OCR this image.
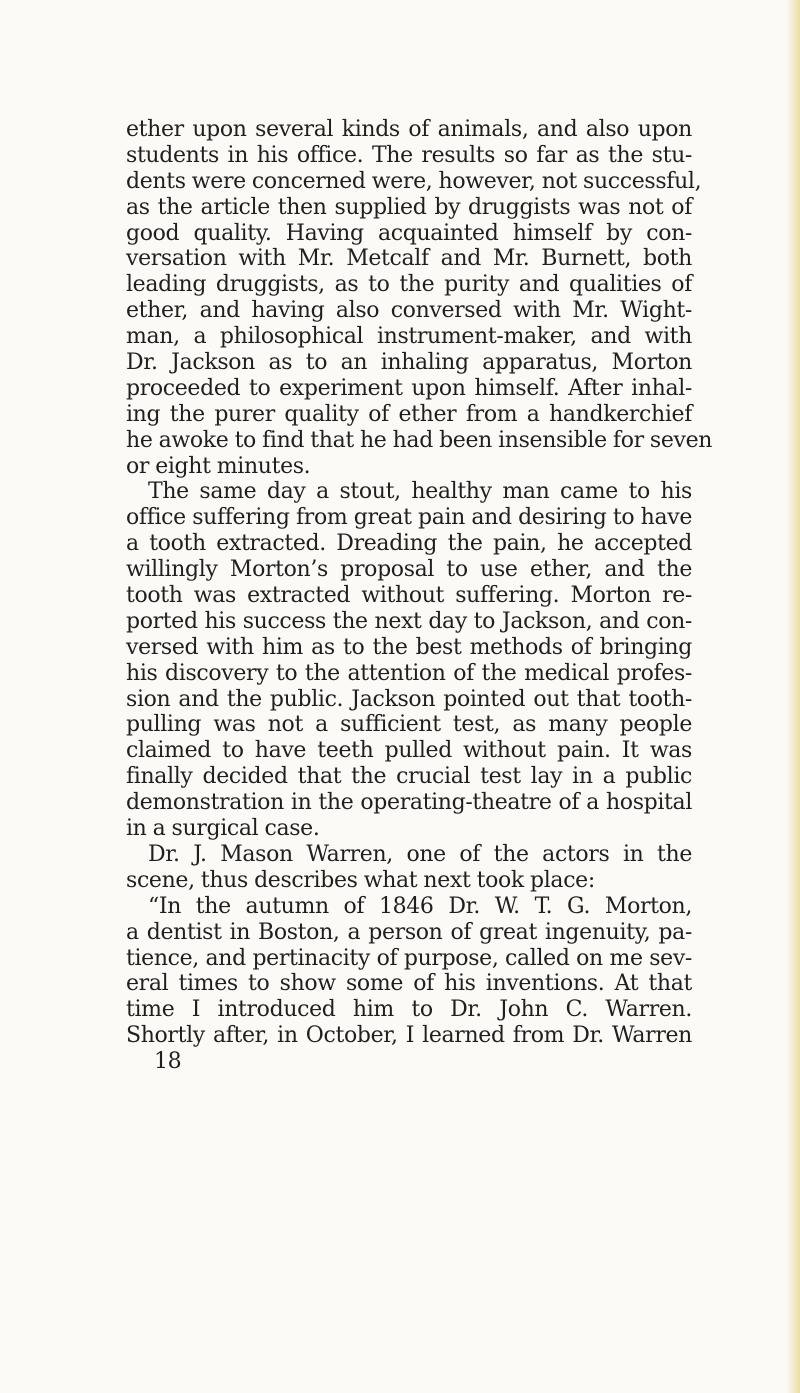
ether upon several kinds of animals, and also upon
students in his office. The results so far as the stu-
dents were concerned were, however, not successful,
as the article then supplied by druggists was not of
good quality. Having acquainted himself by con-
versation with Mr. Metcalf and Mr. Burnett, both
leading druggists, as to the purity and qualities of
ether, and having also conversed with Mr. Wight-
man, a philosophical instrument-maker, and with
Dr. Jackson as to an inhaling apparatus, Morton
proceeded to experiment upon himself. After inhal-
ing the purer quality of ether from a handkerchief
he awoke to find that he had been insensible for seven
or eight minutes.
The same day a stout, healthy man came to his
office suffering from great pain and desiring to have
a tooth extracted. Dreading the pain, he accepted
willingly Morton’s proposal to use ether, and the
tooth was extracted without suffering. Morton re-
ported his success the next day to Jackson, and con-
versed with him as to the best methods of bringing
his discovery to the attention of the medical profes-
sion and the public. Jackson pointed out that tooth-
pulling was not a sufficient test, as many people
claimed to have teeth pulled without pain. It was
finally decided that the crucial test lay in a public
demonstration in the operating-theatre of a hospital
in a surgical case.
Dr. J. Mason Warren, one of the actors in the
scene, thus describes what next took place:
“In the autumn of 1846 Dr. W. T. G. Morton,
a dentist in Boston, a person of great ingenuity, pa-
tience, and pertinacity of purpose, called on me sev-
eral times to show some of his inventions. At that
time I introduced him to Dr. John C. Warren.
Shortly after, in October, I learned from Dr. Warren
18
